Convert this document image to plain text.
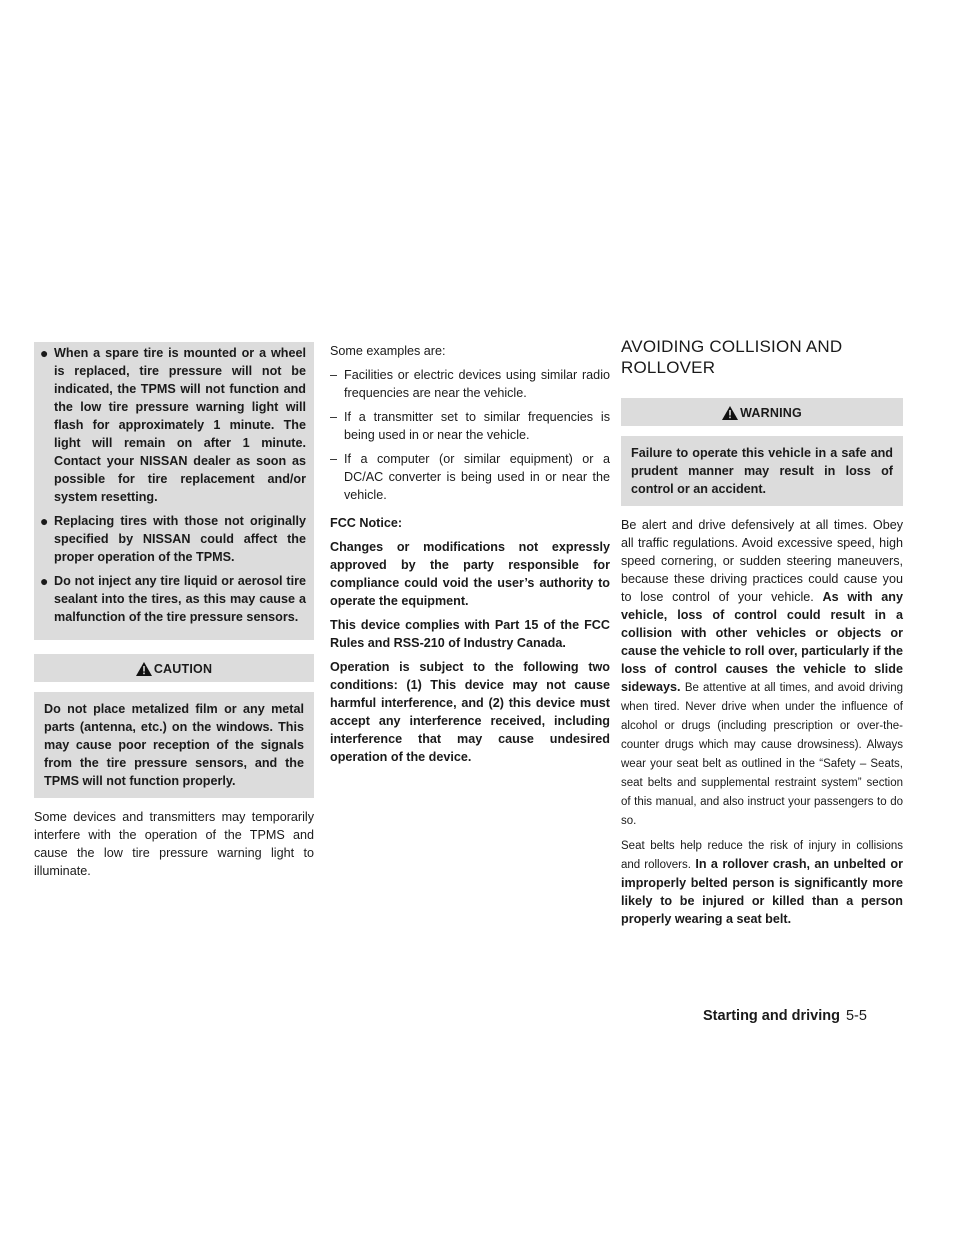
● When a spare tire is mounted or a wheel is replaced, tire pressure will not be indicated, the TPMS will not function and the low tire pressure warning light will flash for approximately 1 minute. The light will remain on after 1 minute. Contact your NISSAN dealer as soon as possible for tire replacement and/or system resetting.
● Replacing tires with those not originally specified by NISSAN could affect the proper operation of the TPMS.
● Do not inject any tire liquid or aerosol tire sealant into the tires, as this may cause a malfunction of the tire pressure sensors.
CAUTION

Do not place metalized film or any metal parts (antenna, etc.) on the windows. This may cause poor reception of the signals from the tire pressure sensors, and the TPMS will not function properly.

Some devices and transmitters may temporarily interfere with the operation of the TPMS and cause the low tire pressure warning light to illuminate.

Some examples are:

– Facilities or electric devices using similar radio frequencies are near the vehicle.
– If a transmitter set to similar frequencies is being used in or near the vehicle.
– If a computer (or similar equipment) or a DC/AC converter is being used in or near the vehicle.

FCC Notice:

Changes or modifications not expressly approved by the party responsible for compliance could void the user’s authority to operate the equipment.

This device complies with Part 15 of the FCC Rules and RSS-210 of Industry Canada.

Operation is subject to the following two conditions: (1) This device may not cause harmful interference, and (2) this device must accept any interference received, including interference that may cause undesired operation of the device.

AVOIDING COLLISION AND ROLLOVER
WARNING

Failure to operate this vehicle in a safe and prudent manner may result in loss of control or an accident.

Be alert and drive defensively at all times. Obey all traffic regulations. Avoid excessive speed, high speed cornering, or sudden steering maneuvers, because these driving practices could cause you to lose control of your vehicle. As with any vehicle, loss of control could result in a collision with other vehicles or objects or cause the vehicle to roll over, particularly if the loss of control causes the vehicle to slide sideways. Be attentive at all times, and avoid driving when tired. Never drive when under the influence of alcohol or drugs (including prescription or over-the-counter drugs which may cause drowsiness). Always wear your seat belt as outlined in the “Safety – Seats, seat belts and supplemental restraint system” section of this manual, and also instruct your passengers to do so.

Seat belts help reduce the risk of injury in collisions and rollovers. In a rollover crash, an unbelted or improperly belted person is significantly more likely to be injured or killed than a person properly wearing a seat belt.

Starting and driving 5-5
